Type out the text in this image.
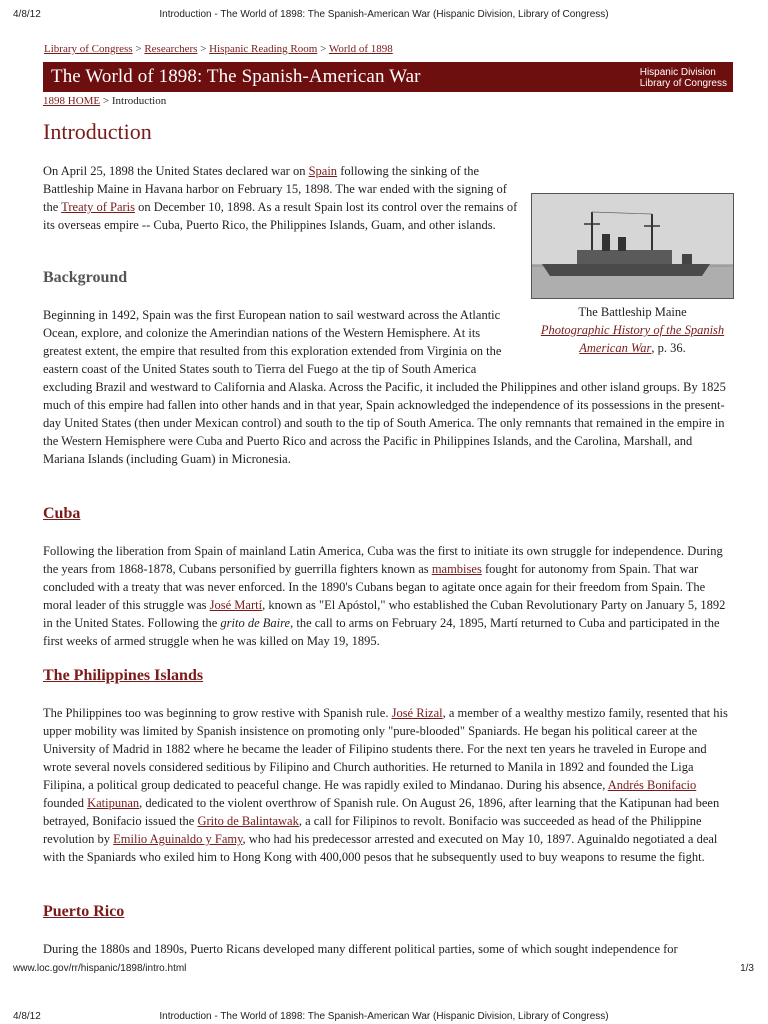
4/8/12	Introduction - The World of 1898: The Spanish-American War (Hispanic Division, Library of Congress)
Library of Congress > Researchers > Hispanic Reading Room > World of 1898
The World of 1898: The Spanish-American War	Hispanic Division
Library of Congress
1898 HOME > Introduction
Introduction

On April 25, 1898 the United States declared war on Spain following the sinking of the Battleship Maine in Havana harbor on February 15, 1898. The war ended with the signing of the Treaty of Paris on December 10, 1898. As a result Spain lost its control over the remains of its overseas empire -- Cuba, Puerto Rico, the Philippines Islands, Guam, and other islands.

The Battleship Maine
Photographic History of the Spanish American War, p. 36.
Background

Beginning in 1492, Spain was the first European nation to sail westward across the Atlantic Ocean, explore, and colonize the Amerindian nations of the Western Hemisphere. At its greatest extent, the empire that resulted from this exploration extended from Virginia on the eastern coast of the United States south to Tierra del Fuego at the tip of South America excluding Brazil and westward to California and Alaska. Across the Pacific, it included the Philippines and other island groups. By 1825 much of this empire had fallen into other hands and in that year, Spain acknowledged the independence of its possessions in the present-day United States (then under Mexican control) and south to the tip of South America. The only remnants that remained in the empire in the Western Hemisphere were Cuba and Puerto Rico and across the Pacific in Philippines Islands, and the Carolina, Marshall, and Mariana Islands (including Guam) in Micronesia.

Cuba

Following the liberation from Spain of mainland Latin America, Cuba was the first to initiate its own struggle for independence. During the years from 1868-1878, Cubans personified by guerrilla fighters known as mambises fought for autonomy from Spain. That war concluded with a treaty that was never enforced. In the 1890's Cubans began to agitate once again for their freedom from Spain. The moral leader of this struggle was José Martí, known as "El Apóstol," who established the Cuban Revolutionary Party on January 5, 1892 in the United States. Following the grito de Baire, the call to arms on February 24, 1895, Martí returned to Cuba and participated in the first weeks of armed struggle when he was killed on May 19, 1895.

The Philippines Islands

The Philippines too was beginning to grow restive with Spanish rule. José Rizal, a member of a wealthy mestizo family, resented that his upper mobility was limited by Spanish insistence on promoting only "pure-blooded" Spaniards. He began his political career at the University of Madrid in 1882 where he became the leader of Filipino students there. For the next ten years he traveled in Europe and wrote several novels considered seditious by Filipino and Church authorities. He returned to Manila in 1892 and founded the Liga Filipina, a political group dedicated to peaceful change. He was rapidly exiled to Mindanao. During his absence, Andrés Bonifacio founded Katipunan, dedicated to the violent overthrow of Spanish rule. On August 26, 1896, after learning that the Katipunan had been betrayed, Bonifacio issued the Grito de Balintawak, a call for Filipinos to revolt. Bonifacio was succeeded as head of the Philippine revolution by Emilio Aguinaldo y Famy, who had his predecessor arrested and executed on May 10, 1897. Aguinaldo negotiated a deal with the Spaniards who exiled him to Hong Kong with 400,000 pesos that he subsequently used to buy weapons to resume the fight.

Puerto Rico

During the 1880s and 1890s, Puerto Ricans developed many different political parties, some of which sought independence for

www.loc.gov/rr/hispanic/1898/intro.html	1/3
4/8/12	Introduction - The World of 1898: The Spanish-American War (Hispanic Division, Library of Congress)
